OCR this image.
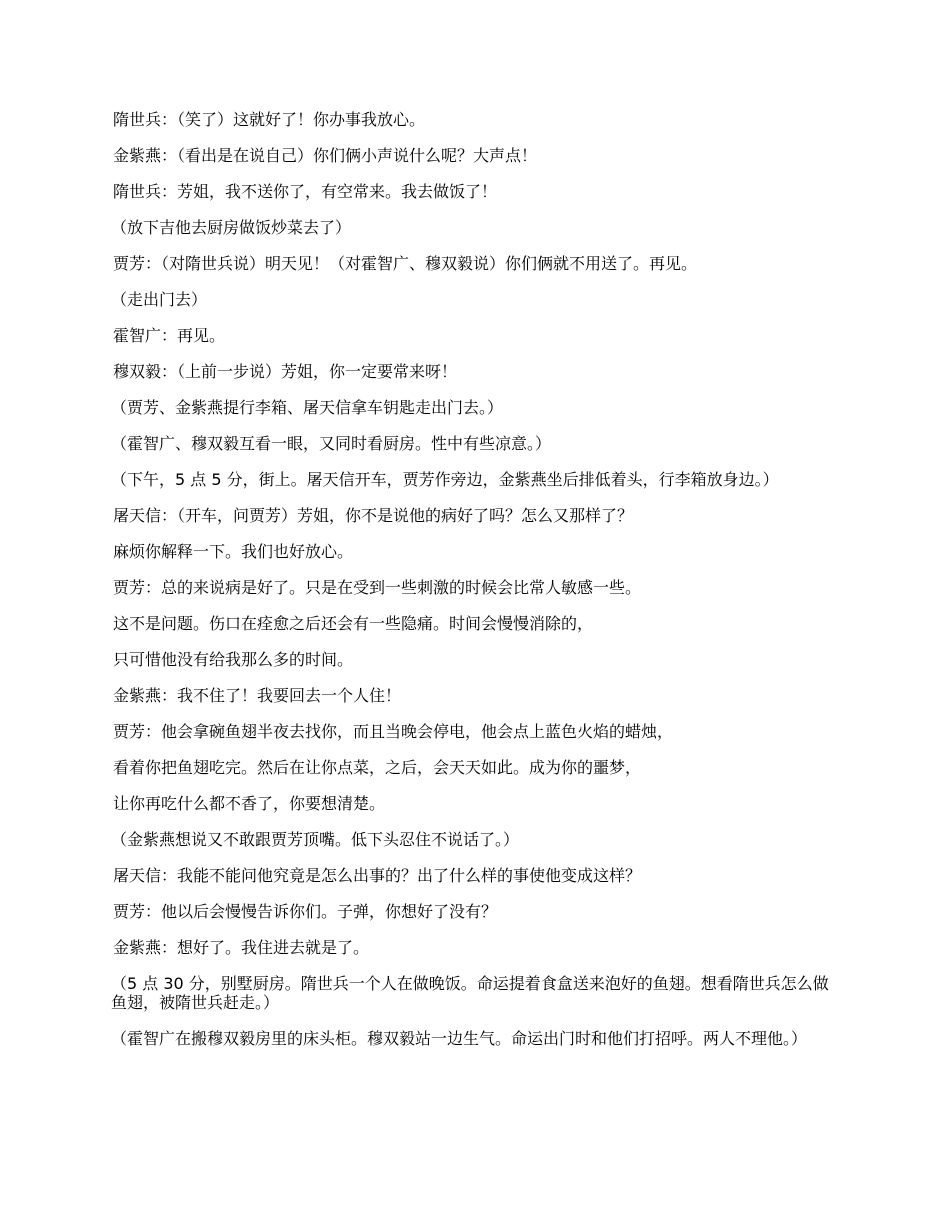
隋世兵：（笑了）这就好了！你办事我放心。

金紫燕：（看出是在说自己）你们俩小声说什么呢？大声点！

隋世兵：芳姐，我不送你了，有空常来。我去做饭了！

（放下吉他去厨房做饭炒菜去了）

贾芳：（对隋世兵说）明天见！（对霍智广、穆双毅说）你们俩就不用送了。再见。

（走出门去）

霍智广：再见。

穆双毅：（上前一步说）芳姐，你一定要常来呀！

（贾芳、金紫燕提行李箱、屠天信拿车钥匙走出门去。）

（霍智广、穆双毅互看一眼，又同时看厨房。性中有些凉意。）

（下午，5 点 5 分，街上。屠天信开车，贾芳作旁边，金紫燕坐后排低着头，行李箱放身边。）

屠天信：（开车，问贾芳）芳姐，你不是说他的病好了吗？怎么又那样了？

麻烦你解释一下。我们也好放心。

贾芳：总的来说病是好了。只是在受到一些刺激的时候会比常人敏感一些。

这不是问题。伤口在痊愈之后还会有一些隐痛。时间会慢慢消除的，

只可惜他没有给我那么多的时间。

金紫燕：我不住了！我要回去一个人住！

贾芳：他会拿碗鱼翅半夜去找你，而且当晚会停电，他会点上蓝色火焰的蜡烛，

看着你把鱼翅吃完。然后在让你点菜，之后，会天天如此。成为你的噩梦，

让你再吃什么都不香了，你要想清楚。

（金紫燕想说又不敢跟贾芳顶嘴。低下头忍住不说话了。）

屠天信：我能不能问他究竟是怎么出事的？出了什么样的事使他变成这样？

贾芳：他以后会慢慢告诉你们。子弹，你想好了没有？

金紫燕：想好了。我住进去就是了。

（5 点 30 分，别墅厨房。隋世兵一个人在做晚饭。命运提着食盒送来泡好的鱼翅。想看隋世兵怎么做鱼翅，被隋世兵赶走。）

（霍智广在搬穆双毅房里的床头柜。穆双毅站一边生气。命运出门时和他们打招呼。两人不理他。）
